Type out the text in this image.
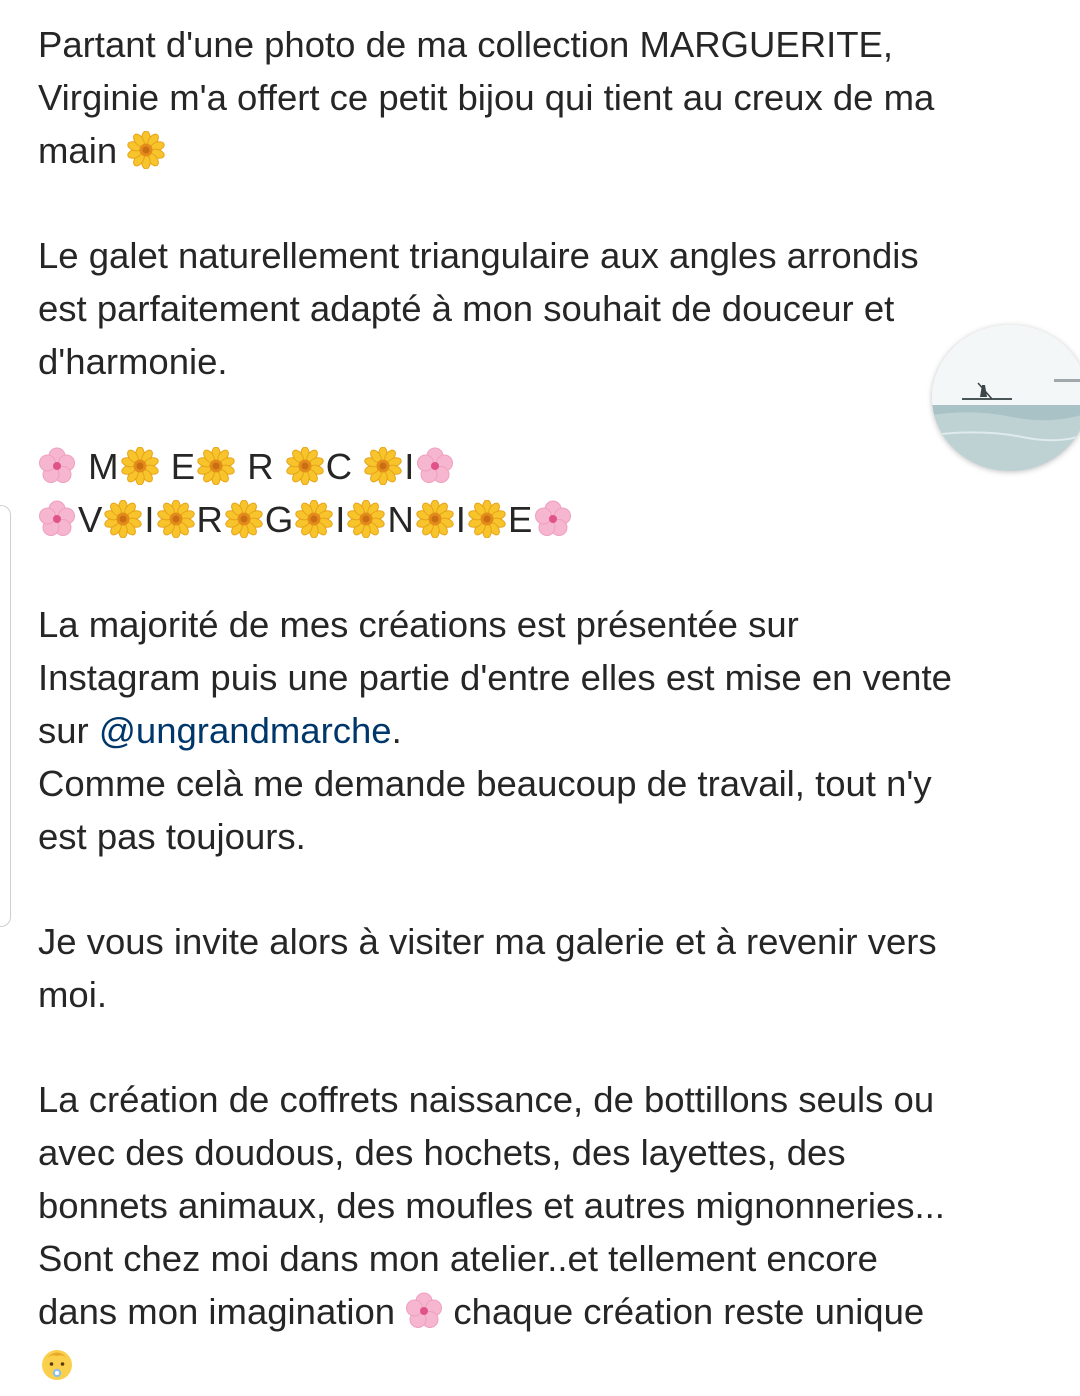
Partant d'une photo de ma collection MARGUERITE,
Virginie m'a offert ce petit bijou qui tient au creux de ma
main
Le galet naturellement triangulaire aux angles arrondis
est parfaitement adapté à mon souhait de douceur et
d'harmonie.
M E R C I
V I R G I N I E
La majorité de mes créations est présentée sur
Instagram puis une partie d'entre elles est mise en vente
sur @ungrandmarche.
Comme celà me demande beaucoup de travail, tout n'y
est pas toujours.
Je vous invite alors à visiter ma galerie et à revenir vers
moi.
La création de coffrets naissance, de bottillons seuls ou
avec des doudous, des hochets, des layettes, des
bonnets animaux, des moufles et autres mignonneries...
Sont chez moi dans mon atelier..et tellement encore
dans mon imagination chaque création reste unique
